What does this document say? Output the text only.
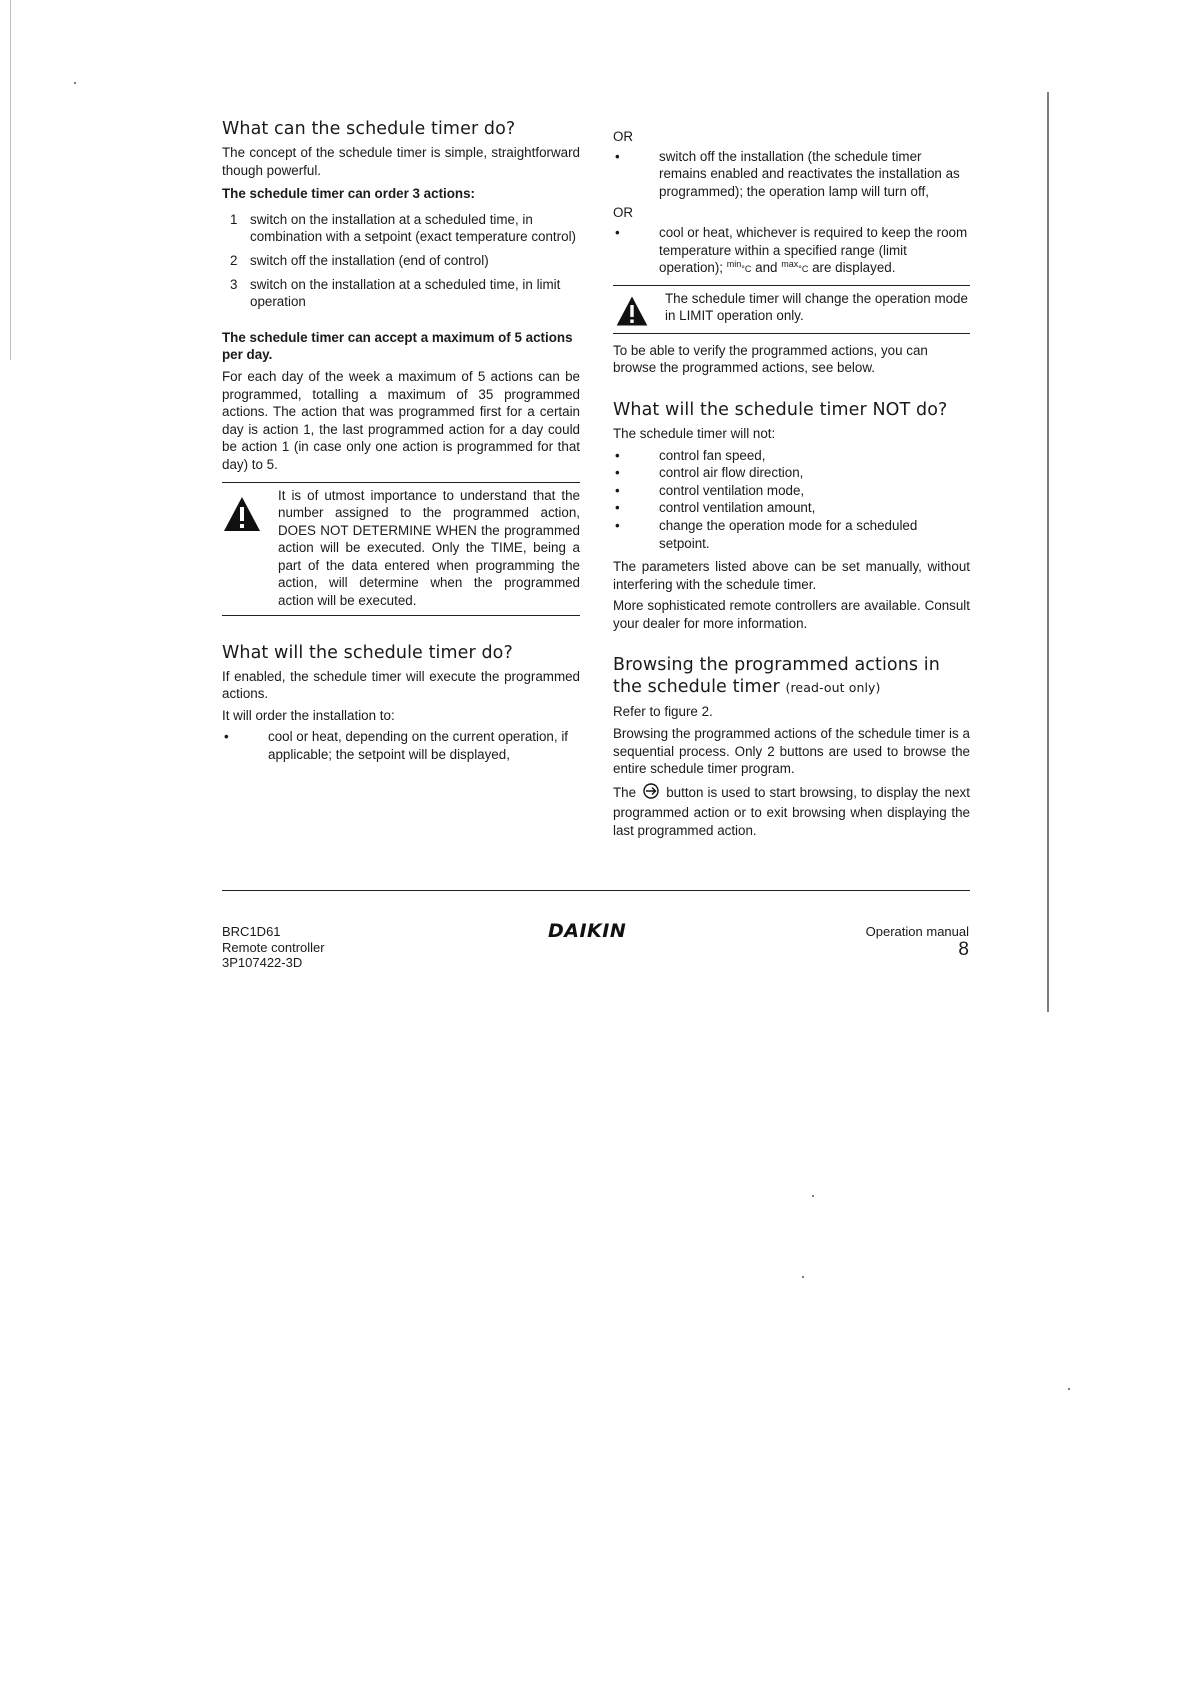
What can the schedule timer do?

The concept of the schedule timer is simple, straightforward though powerful.

The schedule timer can order 3 actions:

1 switch on the installation at a scheduled time, in combination with a setpoint (exact temperature control)
2 switch off the installation (end of control)
3 switch on the installation at a scheduled time, in limit operation

The schedule timer can accept a maximum of 5 actions per day.

For each day of the week a maximum of 5 actions can be programmed, totalling a maximum of 35 programmed actions. The action that was programmed first for a certain day is action 1, the last programmed action for a day could be action 1 (in case only one action is programmed for that day) to 5.

It is of utmost importance to understand that the number assigned to the programmed action, DOES NOT DETERMINE WHEN the programmed action will be executed. Only the TIME, being a part of the data entered when programming the action, will determine when the programmed action will be executed.
What will the schedule timer do?

If enabled, the schedule timer will execute the programmed actions.

It will order the installation to:

•	cool or heat, depending on the current operation, if applicable; the setpoint will be displayed,
OR
•	switch off the installation (the schedule timer remains enabled and reactivates the installation as programmed); the operation lamp will turn off,
OR
•	cool or heat, whichever is required to keep the room temperature within a specified range (limit operation); $^{min}$°C and $^{max}$°C are displayed.
The schedule timer will change the operation mode in LIMIT operation only.

To be able to verify the programmed actions, you can browse the programmed actions, see below.

What will the schedule timer NOT do?

The schedule timer will not:

•	control fan speed,
•	control air flow direction,
•	control ventilation mode,
•	control ventilation amount,
•	change the operation mode for a scheduled setpoint.

The parameters listed above can be set manually, without interfering with the schedule timer.

More sophisticated remote controllers are available. Consult your dealer for more information.

Browsing the programmed actions in the schedule timer (read-out only)

Refer to figure 2.

Browsing the programmed actions of the schedule timer is a sequential process. Only 2 buttons are used to browse the entire schedule timer program.

The button is used to start browsing, to display the next programmed action or to exit browsing when displaying the last programmed action.

BRC1D61
Remote controller
3P107422-3D
DAIKIN	Operation manual
8
